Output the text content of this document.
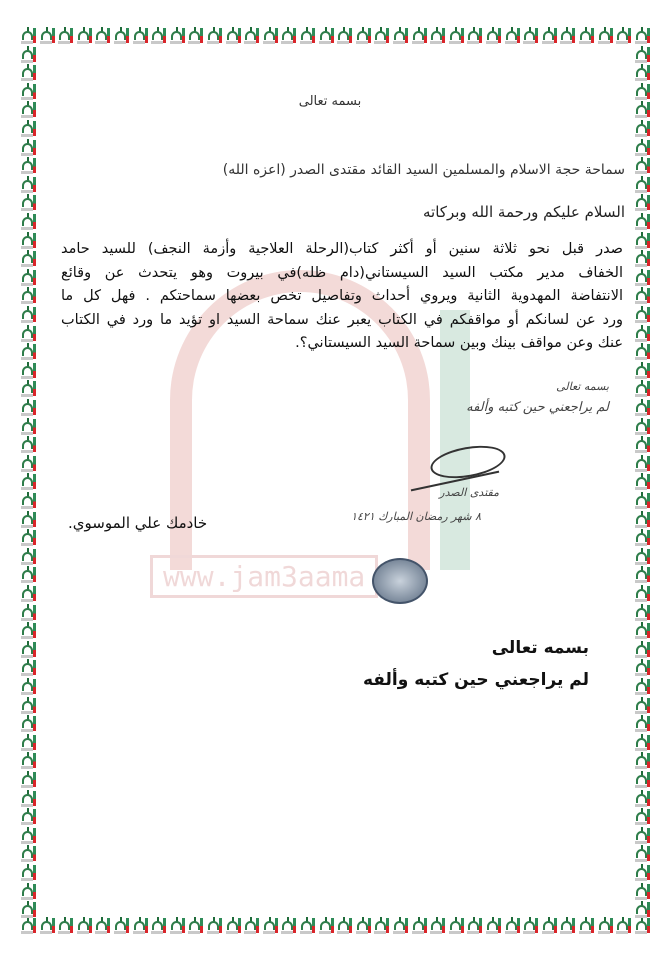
www.jam3aama
بسمه تعالى
سماحة حجة الاسلام والمسلمين السيد القائد مقتدى الصدر (اعزه الله)
السلام عليكم ورحمة الله وبركاته
صدر قبل نحو ثلاثة سنين أو أكثر كتاب(الرحلة العلاجية وأزمة النجف) للسيد حامد
الخفاف مدير مكتب السيد السيستاني(دام ظله)في بيروت وهو يتحدث عن وقائع
الانتفاضة المهدوية الثانية ويروي أحداث وتفاصيل تخص بعضها سماحتكم . فهل كل ما
ورد عن لسانكم أو مواقفكم في الكتاب يعبر عنك سماحة السيد او تؤيد ما ورد في الكتاب
عنك وعن مواقف بينك وبين سماحة السيد السيستاني؟.
بسمه تعالى
لم يراجعني حين كتبه وألفه
مقتدى الصدر
٨ شهر رمضان المبارك ١٤٢١
خادمك علي الموسوي.
بسمه تعالى
لم يراجعني حين كتبه وألفه
